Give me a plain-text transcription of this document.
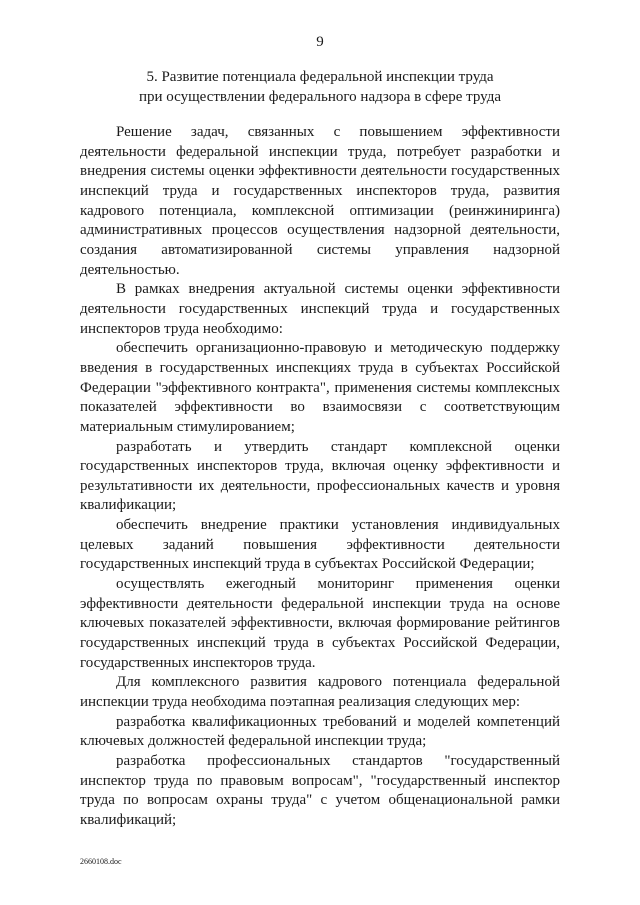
9
5. Развитие потенциала федеральной инспекции труда
при осуществлении федерального надзора в сфере труда

Решение задач, связанных с повышением эффективности деятельности федеральной инспекции труда, потребует разработки и внедрения системы оценки эффективности деятельности государственных инспекций труда и государственных инспекторов труда, развития кадрового потенциала, комплексной оптимизации (реинжиниринга) административных процессов осуществления надзорной деятельности, создания автоматизированной системы управления надзорной деятельностью.

В рамках внедрения актуальной системы оценки эффективности деятельности государственных инспекций труда и государственных инспекторов труда необходимо:

обеспечить организационно-правовую и методическую поддержку введения в государственных инспекциях труда в субъектах Российской Федерации "эффективного контракта", применения системы комплексных показателей эффективности во взаимосвязи с соответствующим материальным стимулированием;

разработать и утвердить стандарт комплексной оценки государственных инспекторов труда, включая оценку эффективности и результативности их деятельности, профессиональных качеств и уровня квалификации;

обеспечить внедрение практики установления индивидуальных целевых заданий повышения эффективности деятельности государственных инспекций труда в субъектах Российской Федерации;

осуществлять ежегодный мониторинг применения оценки эффективности деятельности федеральной инспекции труда на основе ключевых показателей эффективности, включая формирование рейтингов государственных инспекций труда в субъектах Российской Федерации, государственных инспекторов труда.

Для комплексного развития кадрового потенциала федеральной инспекции труда необходима поэтапная реализация следующих мер:

разработка квалификационных требований и моделей компетенций ключевых должностей федеральной инспекции труда;

разработка профессиональных стандартов "государственный инспектор труда по правовым вопросам", "государственный инспектор труда по вопросам охраны труда" с учетом общенациональной рамки квалификаций;

2660108.doc
